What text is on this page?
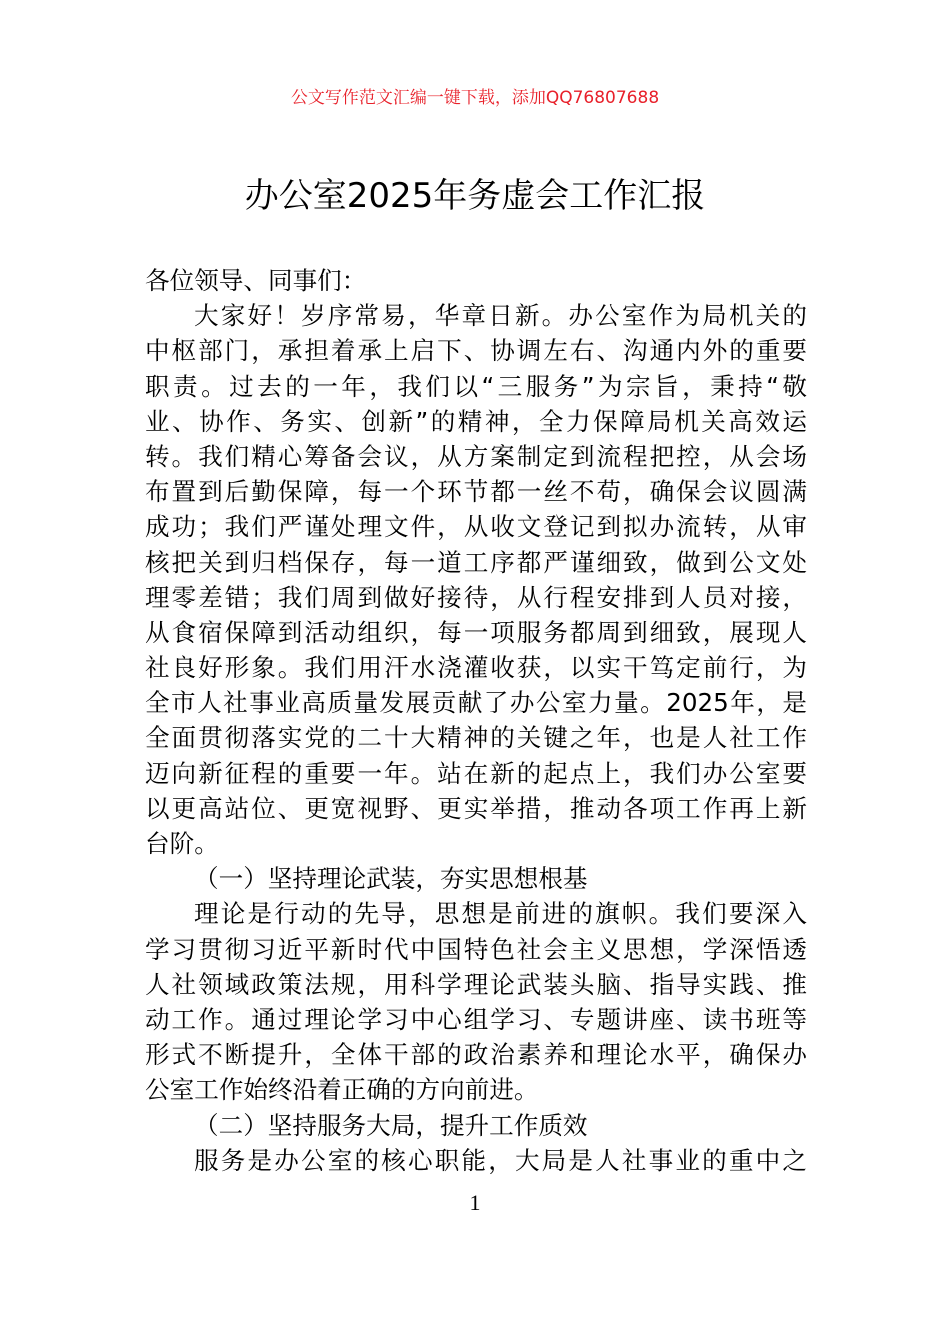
公文写作范文汇编一键下载，添加QQ76807688
办公室2025年务虚会工作汇报
各位领导、同事们：
大家好！岁序常易，华章日新。办公室作为局机关的
中枢部门，承担着承上启下、协调左右、沟通内外的重要
职责。过去的一年，我们以“三服务”为宗旨，秉持“敬
业、协作、务实、创新”的精神，全力保障局机关高效运
转。我们精心筹备会议，从方案制定到流程把控，从会场
布置到后勤保障，每一个环节都一丝不苟，确保会议圆满
成功；我们严谨处理文件，从收文登记到拟办流转，从审
核把关到归档保存，每一道工序都严谨细致，做到公文处
理零差错；我们周到做好接待，从行程安排到人员对接，
从食宿保障到活动组织，每一项服务都周到细致，展现人
社良好形象。我们用汗水浇灌收获，以实干笃定前行，为
全市人社事业高质量发展贡献了办公室力量。2025年，是
全面贯彻落实党的二十大精神的关键之年，也是人社工作
迈向新征程的重要一年。站在新的起点上，我们办公室要
以更高站位、更宽视野、更实举措，推动各项工作再上新
台阶。
（一）坚持理论武装，夯实思想根基
理论是行动的先导，思想是前进的旗帜。我们要深入
学习贯彻习近平新时代中国特色社会主义思想，学深悟透
人社领域政策法规，用科学理论武装头脑、指导实践、推
动工作。通过理论学习中心组学习、专题讲座、读书班等
形式不断提升，全体干部的政治素养和理论水平，确保办
公室工作始终沿着正确的方向前进。
（二）坚持服务大局，提升工作质效
服务是办公室的核心职能，大局是人社事业的重中之
1
